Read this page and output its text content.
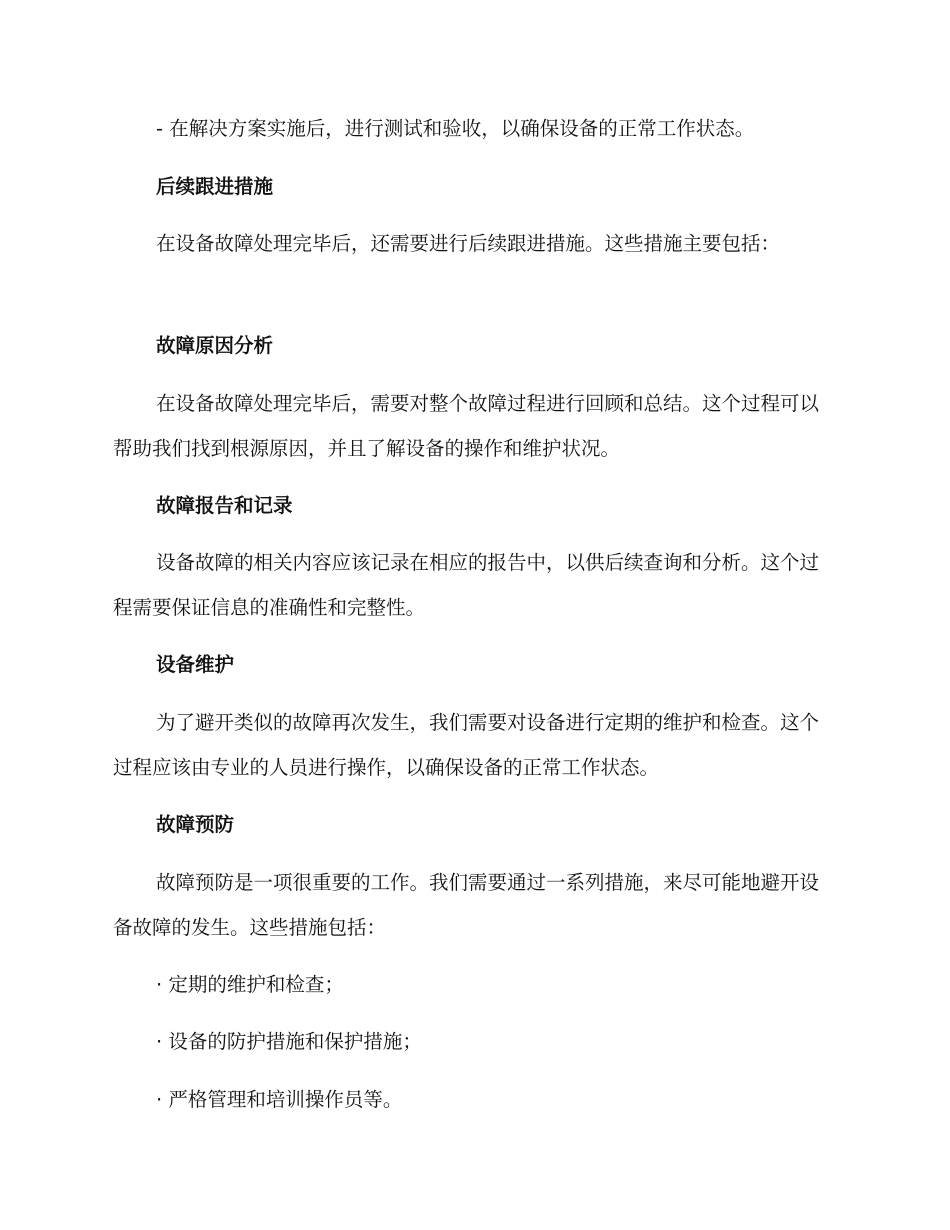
- 在解决方案实施后，进行测试和验收，以确保设备的正常工作状态。

后续跟进措施

在设备故障处理完毕后，还需要进行后续跟进措施。这些措施主要包括：

故障原因分析

在设备故障处理完毕后，需要对整个故障过程进行回顾和总结。这个过程可以帮助我们找到根源原因，并且了解设备的操作和维护状况。

故障报告和记录

设备故障的相关内容应该记录在相应的报告中，以供后续查询和分析。这个过程需要保证信息的准确性和完整性。

设备维护

为了避开类似的故障再次发生，我们需要对设备进行定期的维护和检查。这个过程应该由专业的人员进行操作，以确保设备的正常工作状态。

故障预防

故障预防是一项很重要的工作。我们需要通过一系列措施，来尽可能地避开设备故障的发生。这些措施包括：

· 定期的维护和检查；

· 设备的防护措施和保护措施；

· 严格管理和培训操作员等。
